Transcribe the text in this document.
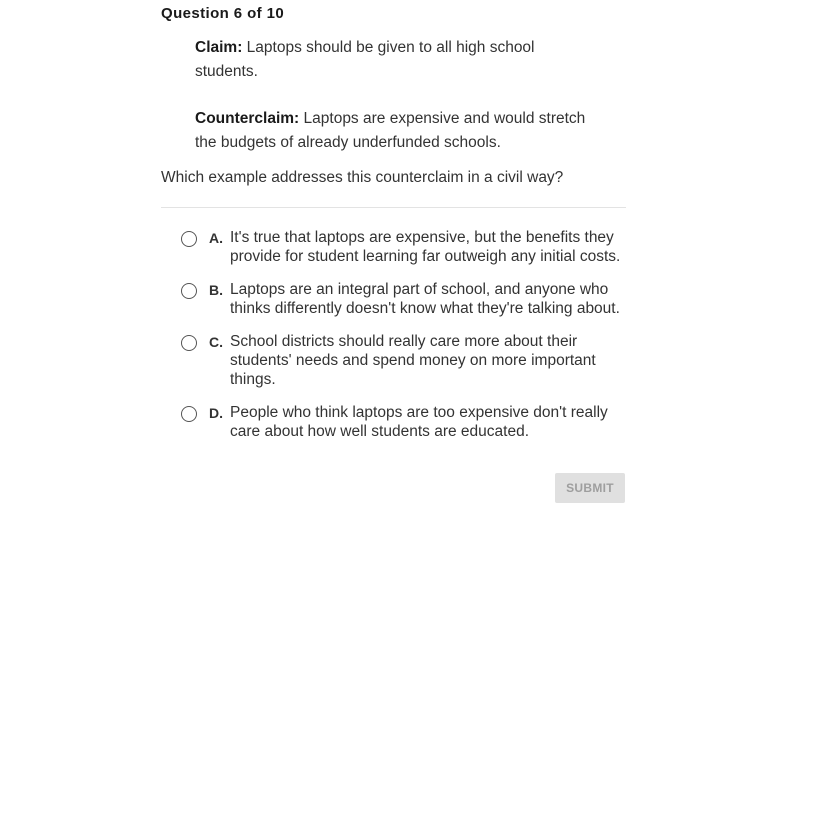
Question 6 of 10
Claim: Laptops should be given to all high school students.
Counterclaim: Laptops are expensive and would stretch the budgets of already underfunded schools.
Which example addresses this counterclaim in a civil way?
A. It's true that laptops are expensive, but the benefits they provide for student learning far outweigh any initial costs.
B. Laptops are an integral part of school, and anyone who thinks differently doesn't know what they're talking about.
C. School districts should really care more about their students' needs and spend money on more important things.
D. People who think laptops are too expensive don't really care about how well students are educated.
SUBMIT
